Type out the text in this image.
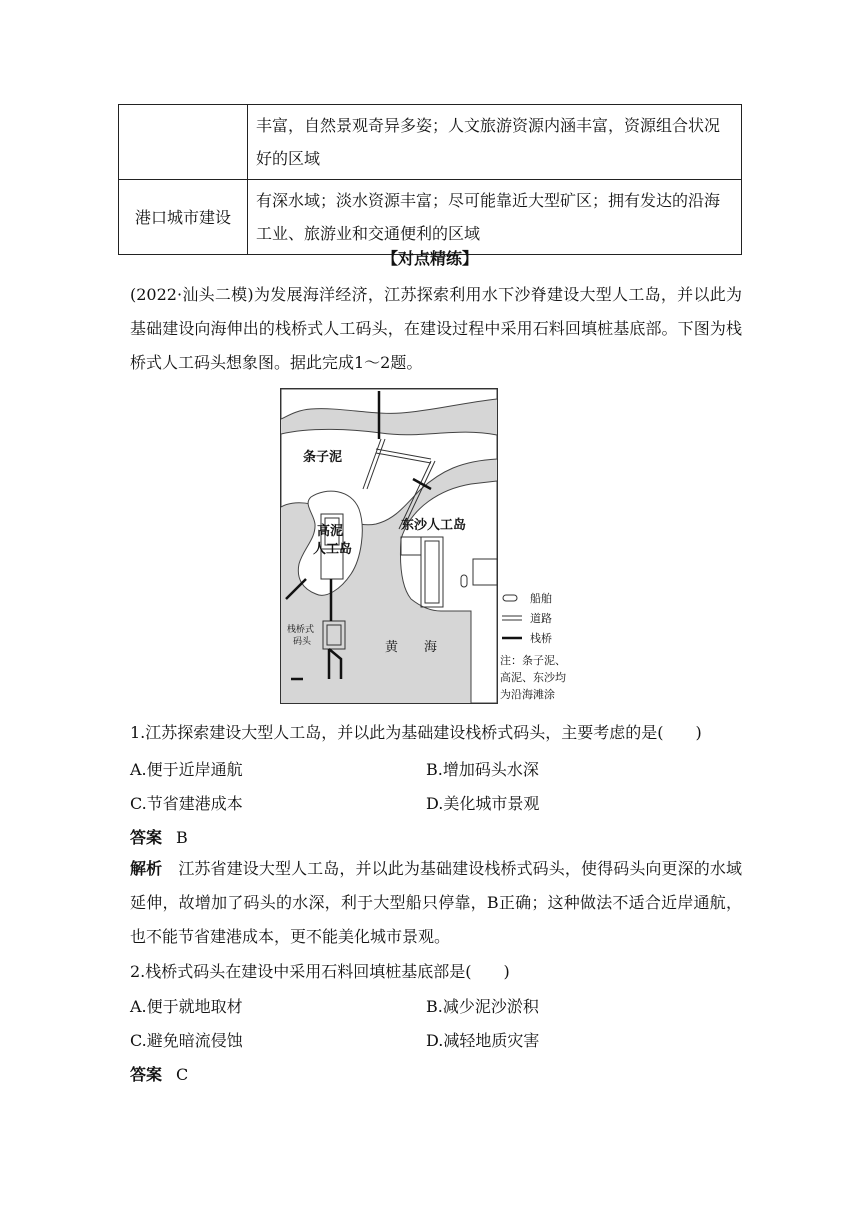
	丰富，自然景观奇异多姿；人文旅游资源内涵丰富，资源组合状况好的区域
港口城市建设	有深水域；淡水资源丰富；尽可能靠近大型矿区；拥有发达的沿海工业、旅游业和交通便利的区域
【对点精练】
(2022·汕头二模)为发展海洋经济，江苏探索利用水下沙脊建设大型人工岛，并以此为基础建设向海伸出的栈桥式人工码头，在建设过程中采用石料回填桩基底部。下图为栈桥式人工码头想象图。据此完成1～2题。
条子泥
高泥
人工岛
东沙人工岛
栈桥式
码头	黄　　海
船舶
道路
栈桥
注：条子泥、
高泥、东沙均
为沿海滩涂
1.江苏探索建设大型人工岛，并以此为基础建设栈桥式码头，主要考虑的是(　　)
A.便于近岸通航	B.增加码头水深
C.节省建港成本	D.美化城市景观
答案 B
解析  江苏省建设大型人工岛，并以此为基础建设栈桥式码头，使得码头向更深的水域延伸，故增加了码头的水深，利于大型船只停靠，B正确；这种做法不适合近岸通航，也不能节省建港成本，更不能美化城市景观。
2.栈桥式码头在建设中采用石料回填桩基底部是(　　)
A.便于就地取材	B.减少泥沙淤积
C.避免暗流侵蚀	D.减轻地质灾害
答案 C
